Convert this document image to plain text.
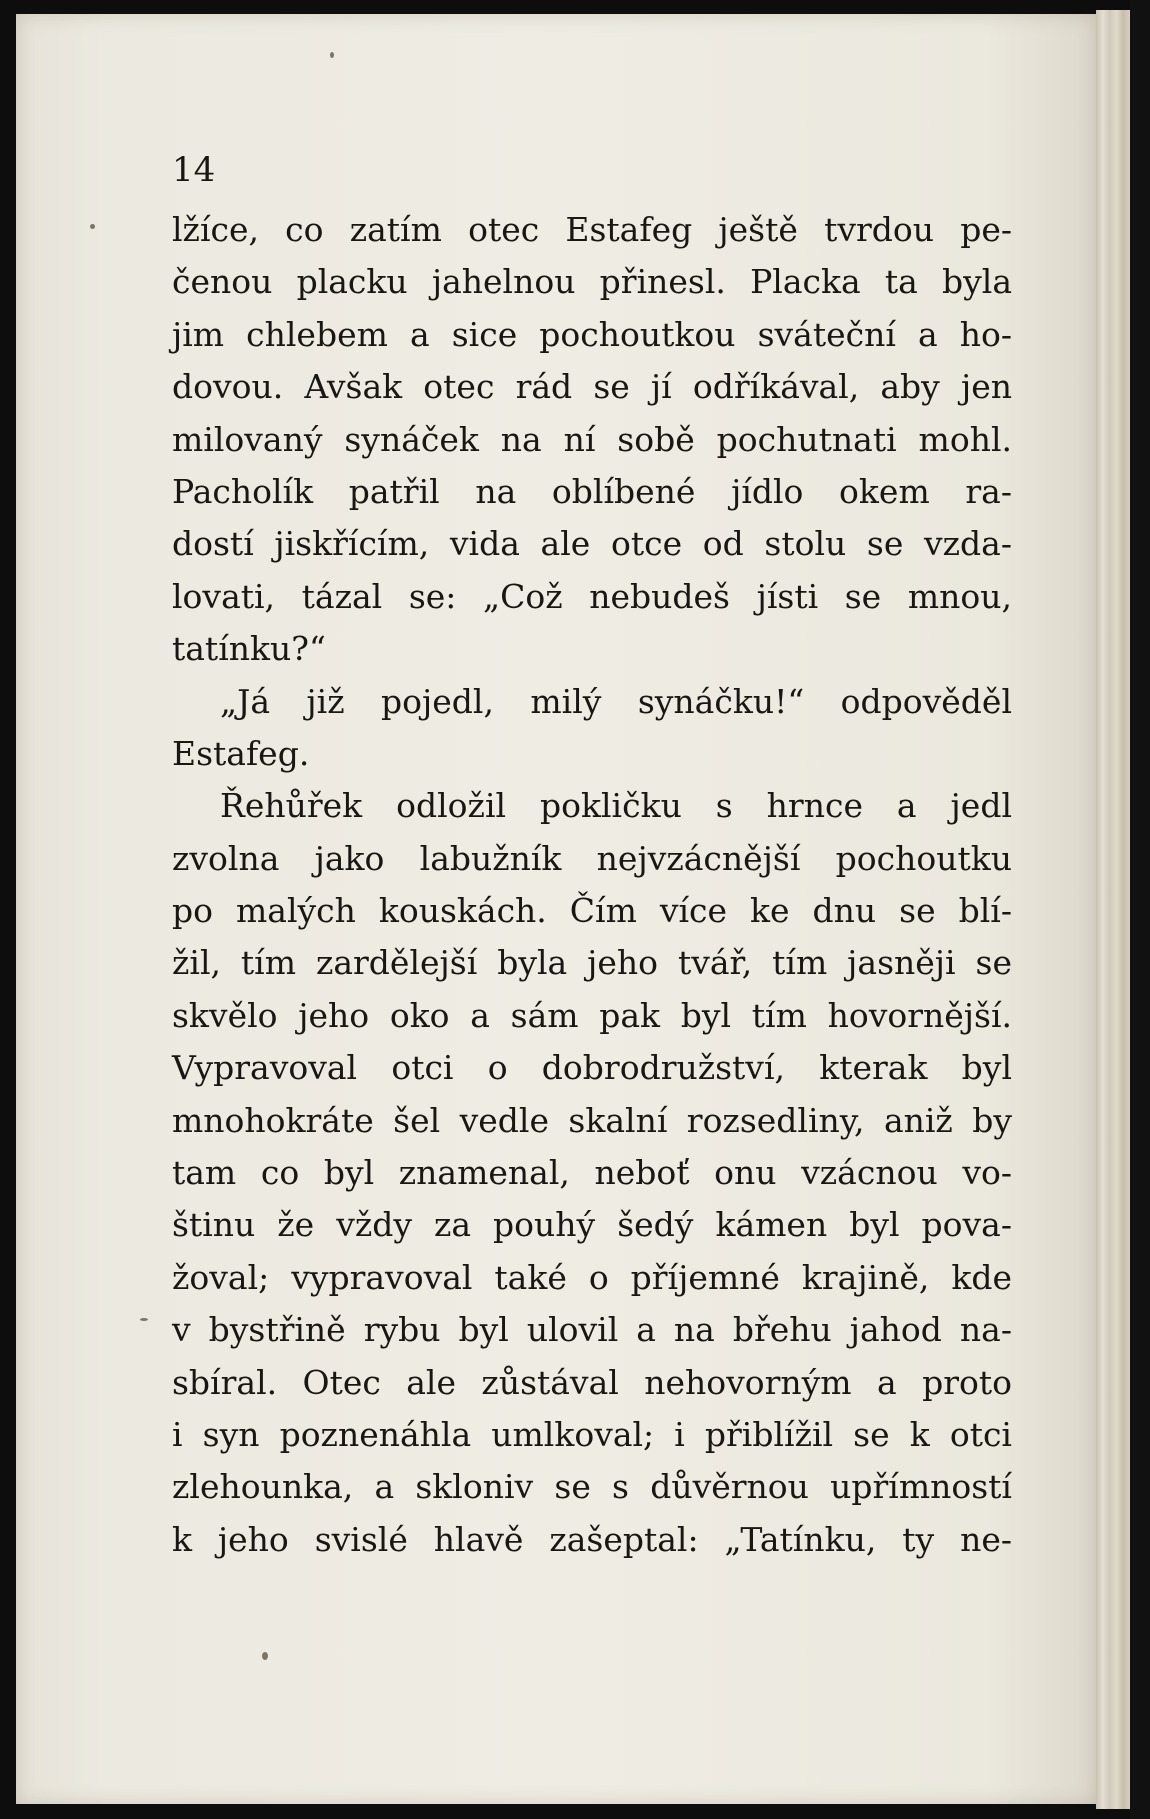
14
lžíce, co zatím otec Estafeg ještě tvrdou pe-
čenou placku jahelnou přinesl. Placka ta byla
jim chlebem a sice pochoutkou sváteční a ho-
dovou. Avšak otec rád se jí odříkával, aby jen
milovaný synáček na ní sobě pochutnati mohl.
Pacholík patřil na oblíbené jídlo okem ra-
dostí jiskřícím, vida ale otce od stolu se vzda-
lovati, tázal se: „Což nebudeš jísti se mnou,
tatínku?“
„Já již pojedl, milý synáčku!“ odpověděl
Estafeg.
Řehůřek odložil pokličku s hrnce a jedl
zvolna jako labužník nejvzácnější pochoutku
po malých kouskách. Čím více ke dnu se blí-
žil, tím zardělejší byla jeho tvář, tím jasněji se
skvělo jeho oko a sám pak byl tím hovornější.
Vypravoval otci o dobrodružství, kterak byl
mnohokráte šel vedle skalní rozsedliny, aniž by
tam co byl znamenal, neboť onu vzácnou vo-
štinu že vždy za pouhý šedý kámen byl pova-
žoval; vypravoval také o příjemné krajině, kde
v bystřině rybu byl ulovil a na břehu jahod na-
sbíral. Otec ale zůstával nehovorným a proto
i syn poznenáhla umlkoval; i přiblížil se k otci
zlehounka, a skloniv se s důvěrnou upřímností
k jeho svislé hlavě zašeptal: „Tatínku, ty ne-
